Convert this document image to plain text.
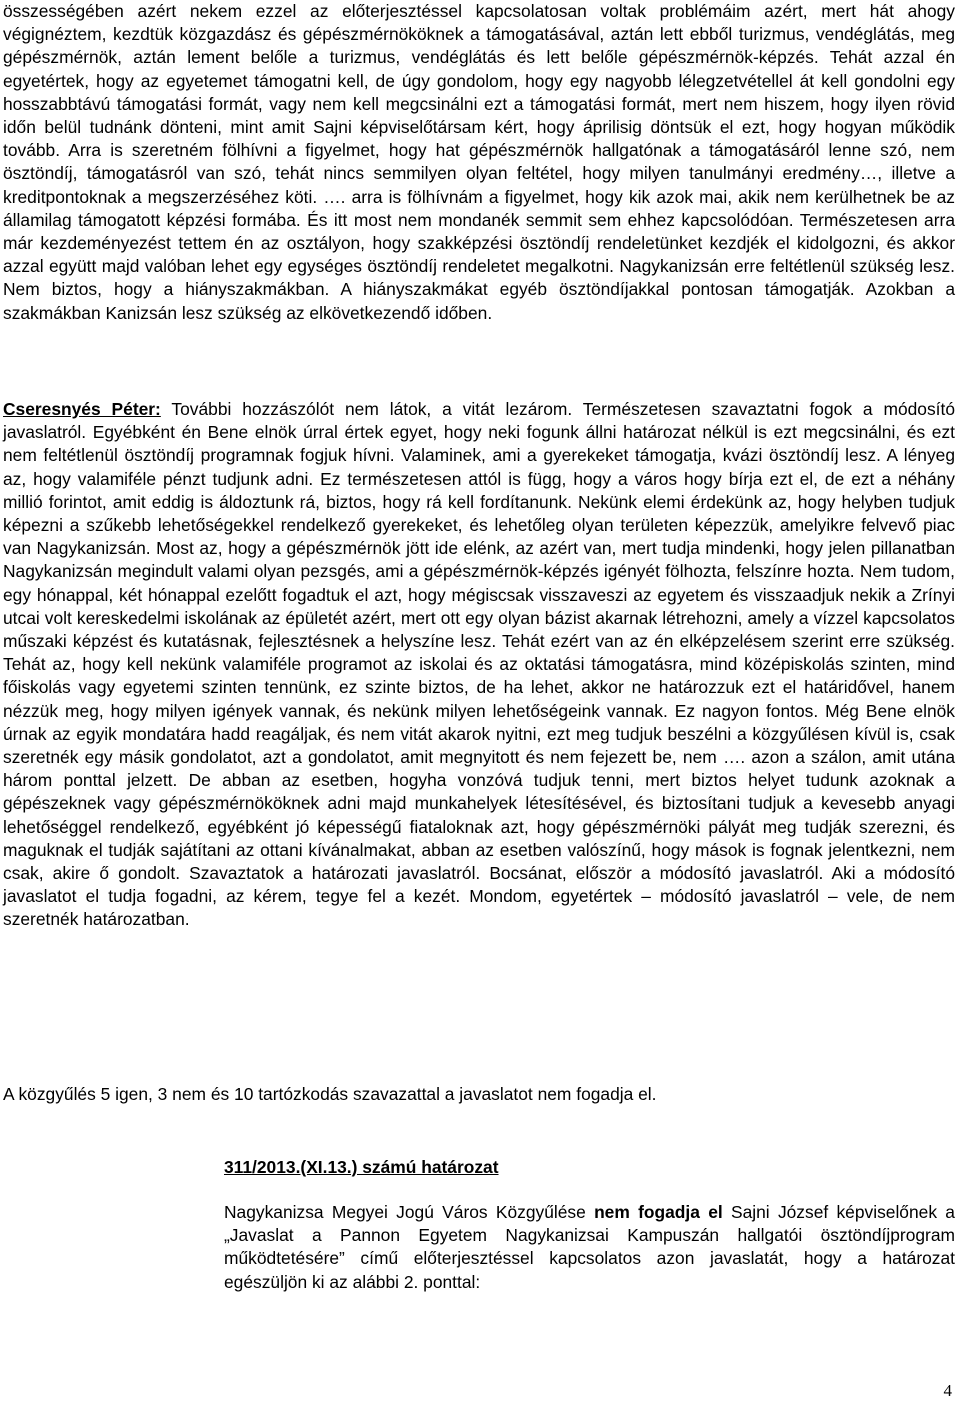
összességében azért nekem ezzel az előterjesztéssel kapcsolatosan voltak problémáim azért, mert hát ahogy végignéztem, kezdtük közgazdász és gépészmérnököknek a támogatásával, aztán lett ebből turizmus, vendéglátás, meg gépészmérnök, aztán lement belőle a turizmus, vendéglátás és lett belőle gépészmérnök-képzés. Tehát azzal én egyetértek, hogy az egyetemet támogatni kell, de úgy gondolom, hogy egy nagyobb lélegzetvétellel át kell gondolni egy hosszabbtávú támogatási formát, vagy nem kell megcsinálni ezt a támogatási formát, mert nem hiszem, hogy ilyen rövid időn belül tudnánk dönteni, mint amit Sajni képviselőtársam kért, hogy áprilisig döntsük el ezt, hogy hogyan működik tovább. Arra is szeretném fölhívni a figyelmet, hogy hat gépészmérnök hallgatónak a támogatásáról lenne szó, nem ösztöndíj, támogatásról van szó, tehát nincs semmilyen olyan feltétel, hogy milyen tanulmányi eredmény…, illetve a kreditpontoknak a megszerzéséhez köti. …. arra is fölhívnám a figyelmet, hogy kik azok mai, akik nem kerülhetnek be az államilag támogatott képzési formába. És itt most nem mondanék semmit sem ehhez kapcsolódóan. Természetesen arra már kezdeményezést tettem én az osztályon, hogy szakképzési ösztöndíj rendeletünket kezdjék el kidolgozni, és akkor azzal együtt majd valóban lehet egy egységes ösztöndíj rendeletet megalkotni. Nagykanizsán erre feltétlenül szükség lesz. Nem biztos, hogy a hiányszakmákban. A hiányszakmákat egyéb ösztöndíjakkal pontosan támogatják. Azokban a szakmákban Kanizsán lesz szükség az elkövetkezendő időben.
Cseresnyés Péter: További hozzászólót nem látok, a vitát lezárom. Természetesen szavaztatni fogok a módosító javaslatról. Egyébként én Bene elnök úrral értek egyet, hogy neki fogunk állni határozat nélkül is ezt megcsinálni, és ezt nem feltétlenül ösztöndíj programnak fogjuk hívni. Valaminek, ami a gyerekeket támogatja, kvázi ösztöndíj lesz. A lényeg az, hogy valamiféle pénzt tudjunk adni. Ez természetesen attól is függ, hogy a város hogy bírja ezt el, de ezt a néhány millió forintot, amit eddig is áldoztunk rá, biztos, hogy rá kell fordítanunk. Nekünk elemi érdekünk az, hogy helyben tudjuk képezni a szűkebb lehetőségekkel rendelkező gyerekeket, és lehetőleg olyan területen képezzük, amelyikre felvevő piac van Nagykanizsán. Most az, hogy a gépészmérnök jött ide elénk, az azért van, mert tudja mindenki, hogy jelen pillanatban Nagykanizsán megindult valami olyan pezsgés, ami a gépészmérnök-képzés igényét fölhozta, felszínre hozta. Nem tudom, egy hónappal, két hónappal ezelőtt fogadtuk el azt, hogy mégiscsak visszaveszi az egyetem és visszaadjuk nekik a Zrínyi utcai volt kereskedelmi iskolának az épületét azért, mert ott egy olyan bázist akarnak létrehozni, amely a vízzel kapcsolatos műszaki képzést és kutatásnak, fejlesztésnek a helyszíne lesz. Tehát ezért van az én elképzelésem szerint erre szükség. Tehát az, hogy kell nekünk valamiféle programot az iskolai és az oktatási támogatásra, mind középiskolás szinten, mind főiskolás vagy egyetemi szinten tennünk, ez szinte biztos, de ha lehet, akkor ne határozzuk ezt el határidővel, hanem nézzük meg, hogy milyen igények vannak, és nekünk milyen lehetőségeink vannak. Ez nagyon fontos. Még Bene elnök úrnak az egyik mondatára hadd reagáljak, és nem vitát akarok nyitni, ezt meg tudjuk beszélni a közgyűlésen kívül is, csak szeretnék egy másik gondolatot, azt a gondolatot, amit megnyitott és nem fejezett be, nem …. azon a szálon, amit utána három ponttal jelzett. De abban az esetben, hogyha vonzóvá tudjuk tenni, mert biztos helyet tudunk azoknak a gépészeknek vagy gépészmérnököknek adni majd munkahelyek létesítésével, és biztosítani tudjuk a kevesebb anyagi lehetőséggel rendelkező, egyébként jó képességű fiataloknak azt, hogy gépészmérnöki pályát meg tudják szerezni, és maguknak el tudják sajátítani az ottani kívánalmakat, abban az esetben valószínű, hogy mások is fognak jelentkezni, nem csak, akire ő gondolt. Szavaztatok a határozati javaslatról. Bocsánat, először a módosító javaslatról. Aki a módosító javaslatot el tudja fogadni, az kérem, tegye fel a kezét. Mondom, egyetértek – módosító javaslatról – vele, de nem szeretnék határozatban.
A közgyűlés 5 igen, 3 nem és 10 tartózkodás szavazattal a javaslatot nem fogadja el.
311/2013.(XI.13.) számú határozat
Nagykanizsa Megyei Jogú Város Közgyűlése nem fogadja el Sajni József képviselőnek a „Javaslat a Pannon Egyetem Nagykanizsai Kampuszán hallgatói ösztöndíjprogram működtetésére” című előterjesztéssel kapcsolatos azon javaslatát, hogy a határozat egészüljön ki az alábbi 2. ponttal:
4
